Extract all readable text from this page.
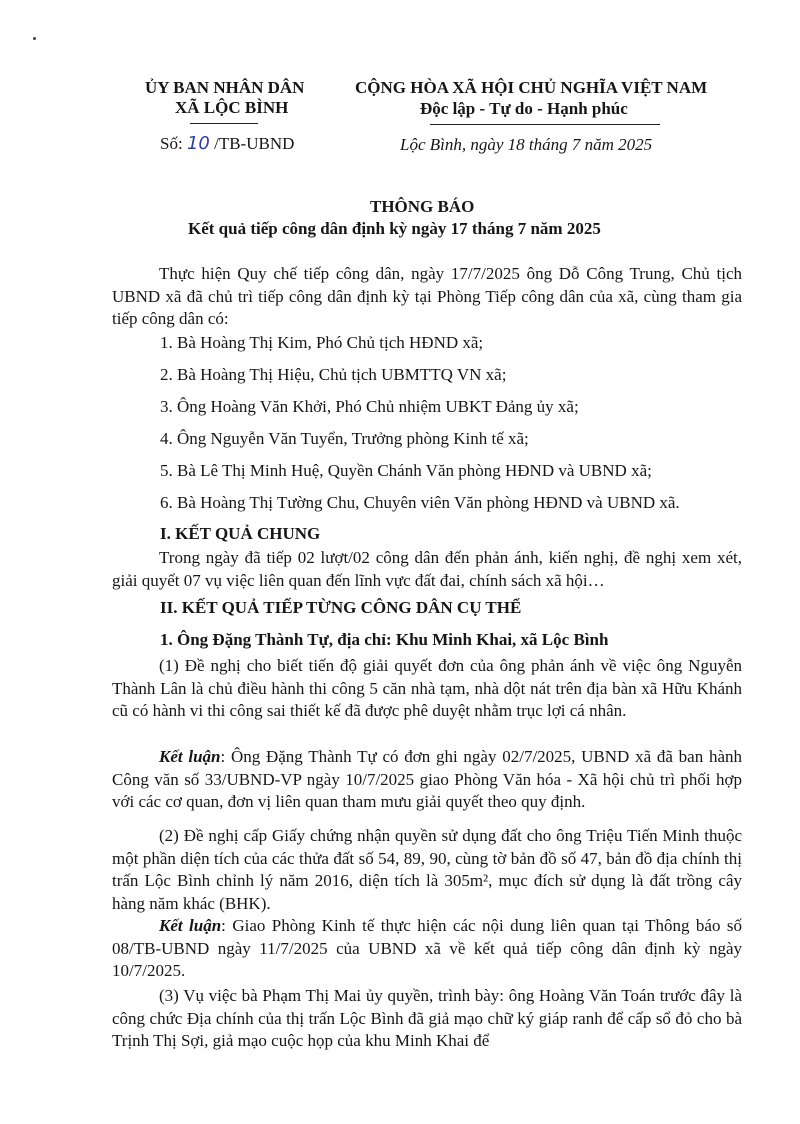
ỦY BAN NHÂN DÂN
XÃ LỘC BÌNH
CỘNG HÒA XÃ HỘI CHỦ NGHĨA VIỆT NAM
Độc lập - Tự do - Hạnh phúc
Số: 10 /TB-UBND	Lộc Bình, ngày 18 tháng 7 năm 2025
THÔNG BÁO
Kết quả tiếp công dân định kỳ ngày 17 tháng 7 năm 2025
Thực hiện Quy chế tiếp công dân, ngày 17/7/2025 ông Dỗ Công Trung, Chủ tịch UBND xã đã chủ trì tiếp công dân định kỳ tại Phòng Tiếp công dân của xã, cùng tham gia tiếp công dân có:
1. Bà Hoàng Thị Kim, Phó Chủ tịch HĐND xã;
2. Bà Hoàng Thị Hiệu, Chủ tịch UBMTTQ VN xã;
3. Ông Hoàng Văn Khởi, Phó Chủ nhiệm UBKT Đảng ủy xã;
4. Ông Nguyễn Văn Tuyển, Trưởng phòng Kinh tế xã;
5. Bà Lê Thị Minh Huệ, Quyền Chánh Văn phòng HĐND và UBND xã;
6. Bà Hoàng Thị Tường Chu, Chuyên viên Văn phòng HĐND và UBND xã.
I. KẾT QUẢ CHUNG
Trong ngày đã tiếp 02 lượt/02 công dân đến phản ánh, kiến nghị, đề nghị xem xét, giải quyết 07 vụ việc liên quan đến lĩnh vực đất đai, chính sách xã hội…
II. KẾT QUẢ TIẾP TỪNG CÔNG DÂN CỤ THỂ
1. Ông Đặng Thành Tự, địa chỉ: Khu Minh Khai, xã Lộc Bình
(1) Đề nghị cho biết tiến độ giải quyết đơn của ông phản ánh về việc ông Nguyễn Thành Lân là chủ điều hành thi công 5 căn nhà tạm, nhà dột nát trên địa bàn xã Hữu Khánh cũ có hành vi thi công sai thiết kế đã được phê duyệt nhằm trục lợi cá nhân.
Kết luận: Ông Đặng Thành Tự có đơn ghi ngày 02/7/2025, UBND xã đã ban hành Công văn số 33/UBND-VP ngày 10/7/2025 giao Phòng Văn hóa - Xã hội chủ trì phối hợp với các cơ quan, đơn vị liên quan tham mưu giải quyết theo quy định.
(2) Đề nghị cấp Giấy chứng nhận quyền sử dụng đất cho ông Triệu Tiến Minh thuộc một phần diện tích của các thửa đất số 54, 89, 90, cùng tờ bản đồ số 47, bản đồ địa chính thị trấn Lộc Bình chỉnh lý năm 2016, diện tích là 305m², mục đích sử dụng là đất trồng cây hàng năm khác (BHK).
Kết luận: Giao Phòng Kinh tế thực hiện các nội dung liên quan tại Thông báo số 08/TB-UBND ngày 11/7/2025 của UBND xã về kết quả tiếp công dân định kỳ ngày 10/7/2025.
(3) Vụ việc bà Phạm Thị Mai ủy quyền, trình bày: ông Hoàng Văn Toán trước đây là công chức Địa chính của thị trấn Lộc Bình đã giả mạo chữ ký giáp ranh để cấp sổ đỏ cho bà Trịnh Thị Sợi, giả mạo cuộc họp của khu Minh Khai để
